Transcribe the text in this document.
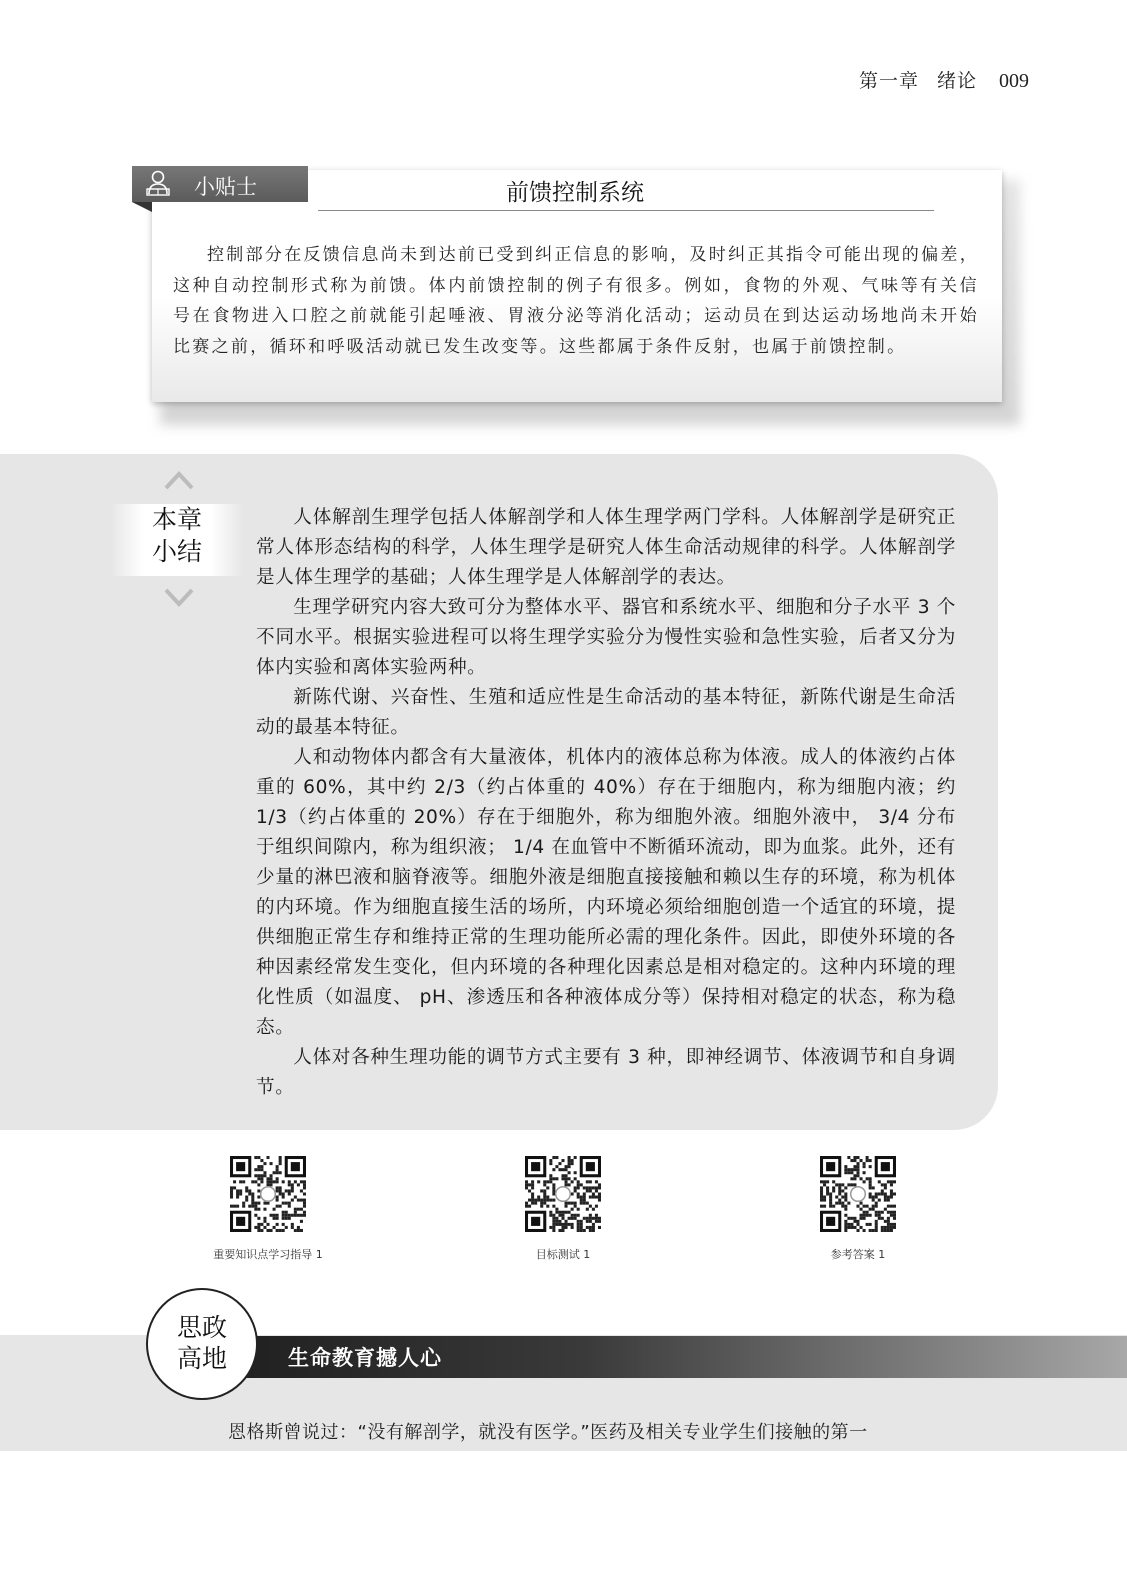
第一章 绪论 009
小贴士	前馈控制系统

控制部分在反馈信息尚未到达前已受到纠正信息的影响，及时纠正其指令可能出现的偏差，这种自动控制形式称为前馈。体内前馈控制的例子有很多。例如，食物的外观、气味等有关信号在食物进入口腔之前就能引起唾液、胃液分泌等消化活动；运动员在到达运动场地尚未开始比赛之前，循环和呼吸活动就已发生改变等。这些都属于条件反射，也属于前馈控制。

本章
小结

人体解剖生理学包括人体解剖学和人体生理学两门学科。人体解剖学是研究正常人体形态结构的科学，人体生理学是研究人体生命活动规律的科学。人体解剖学是人体生理学的基础；人体生理学是人体解剖学的表达。

生理学研究内容大致可分为整体水平、器官和系统水平、细胞和分子水平 3 个不同水平。根据实验进程可以将生理学实验分为慢性实验和急性实验，后者又分为体内实验和离体实验两种。

新陈代谢、兴奋性、生殖和适应性是生命活动的基本特征，新陈代谢是生命活动的最基本特征。

人和动物体内都含有大量液体，机体内的液体总称为体液。成人的体液约占体重的 60%，其中约 2/3（约占体重的 40%）存在于细胞内，称为细胞内液；约 1/3（约占体重的 20%）存在于细胞外，称为细胞外液。细胞外液中， 3/4 分布于组织间隙内，称为组织液； 1/4 在血管中不断循环流动，即为血浆。此外，还有少量的淋巴液和脑脊液等。细胞外液是细胞直接接触和赖以生存的环境，称为机体的内环境。作为细胞直接生活的场所，内环境必须给细胞创造一个适宜的环境，提供细胞正常生存和维持正常的生理功能所必需的理化条件。因此，即使外环境的各种因素经常发生变化，但内环境的各种理化因素总是相对稳定的。这种内环境的理化性质（如温度、 pH、渗透压和各种液体成分等）保持相对稳定的状态，称为稳态。

人体对各种生理功能的调节方式主要有 3 种，即神经调节、体液调节和自身调节。

重要知识点学习指导 1	目标测试 1	参考答案 1
生命教育撼人心
思政
高地
恩格斯曾说过：“没有解剖学，就没有医学。”医药及相关专业学生们接触的第一
